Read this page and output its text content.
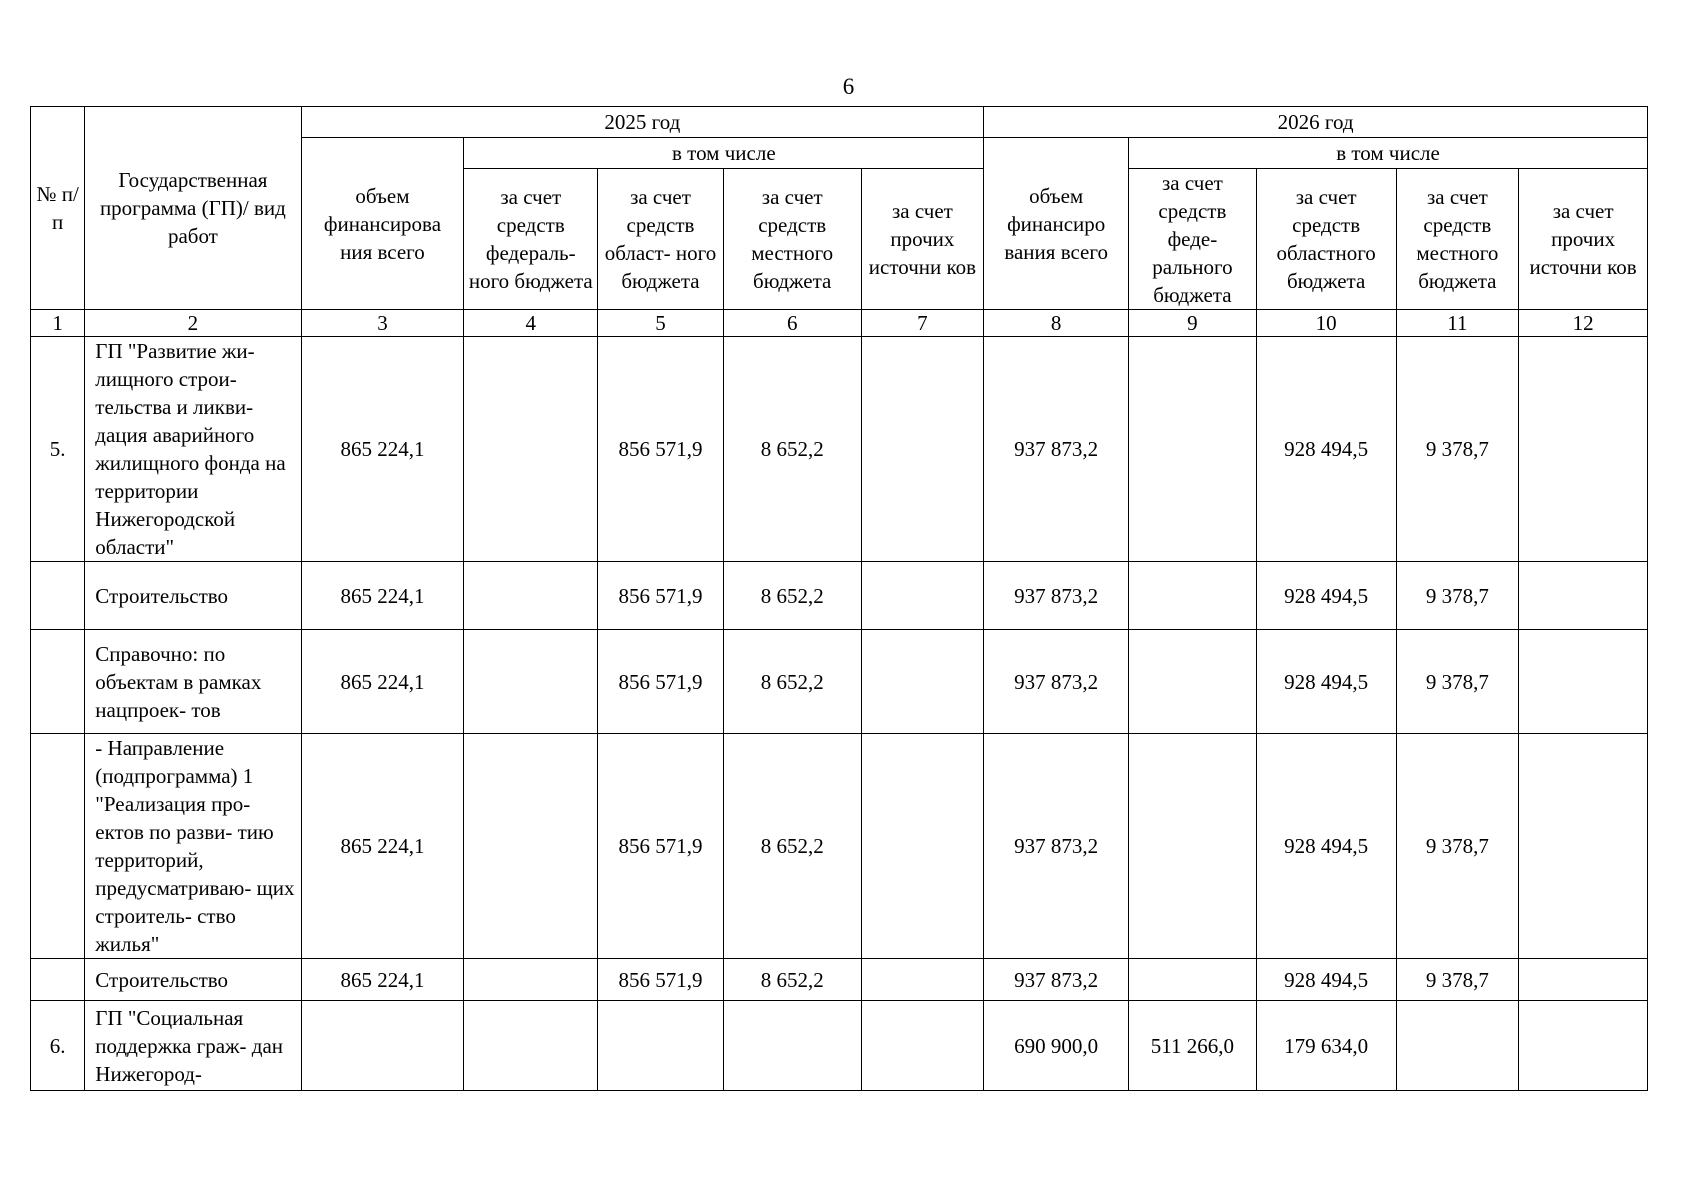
6
№ п/ п	Государственная программа (ГП)/ вид работ	2025 год					2026 год				
		объем финансирова ния всего	в том числе				объем финансиро вания всего	в том числе			
			за счет средств федераль- ного бюджета	за счет средств област- ного бюджета	за счет средств местного бюджета	за счет прочих источни ков		за счет средств феде- рального бюджета	за счет средств областного бюджета	за счет средств местного бюджета	за счет прочих источни ков
1	2	3	4	5	6	7	8	9	10	11	12
5.	ГП "Развитие жи- лищного строи- тельства и ликви- дация аварийного жилищного фонда на территории Нижегородской области"	865 224,1		856 571,9	8 652,2		937 873,2		928 494,5	9 378,7	
	Строительство	865 224,1		856 571,9	8 652,2		937 873,2		928 494,5	9 378,7	
	Справочно: по объектам в рамках нацпроек- тов	865 224,1		856 571,9	8 652,2		937 873,2		928 494,5	9 378,7	
	- Направление (подпрограмма) 1 "Реализация про- ектов по разви- тию территорий, предусматриваю- щих строитель- ство жилья"	865 224,1		856 571,9	8 652,2		937 873,2		928 494,5	9 378,7	
	Строительство	865 224,1		856 571,9	8 652,2		937 873,2		928 494,5	9 378,7	
6.	ГП "Социальная поддержка граж- дан Нижегород-						690 900,0	511 266,0	179 634,0		
